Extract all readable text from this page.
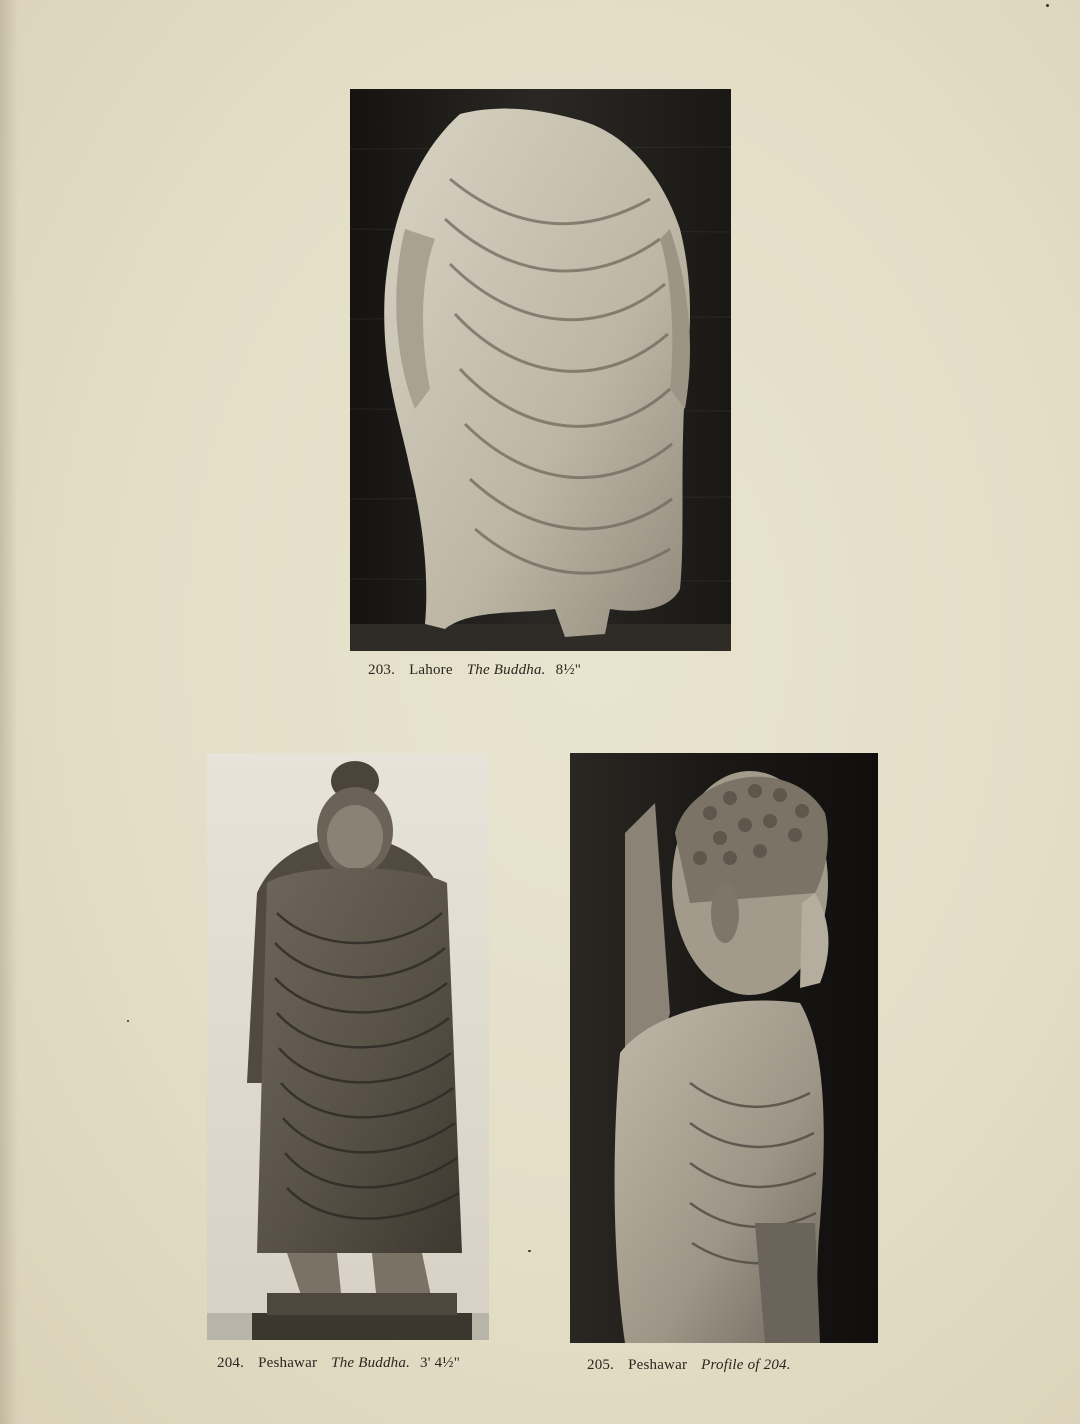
203. Lahore The Buddha. 8½"
204. Peshawar The Buddha. 3' 4½"	205. Peshawar Profile of 204.
